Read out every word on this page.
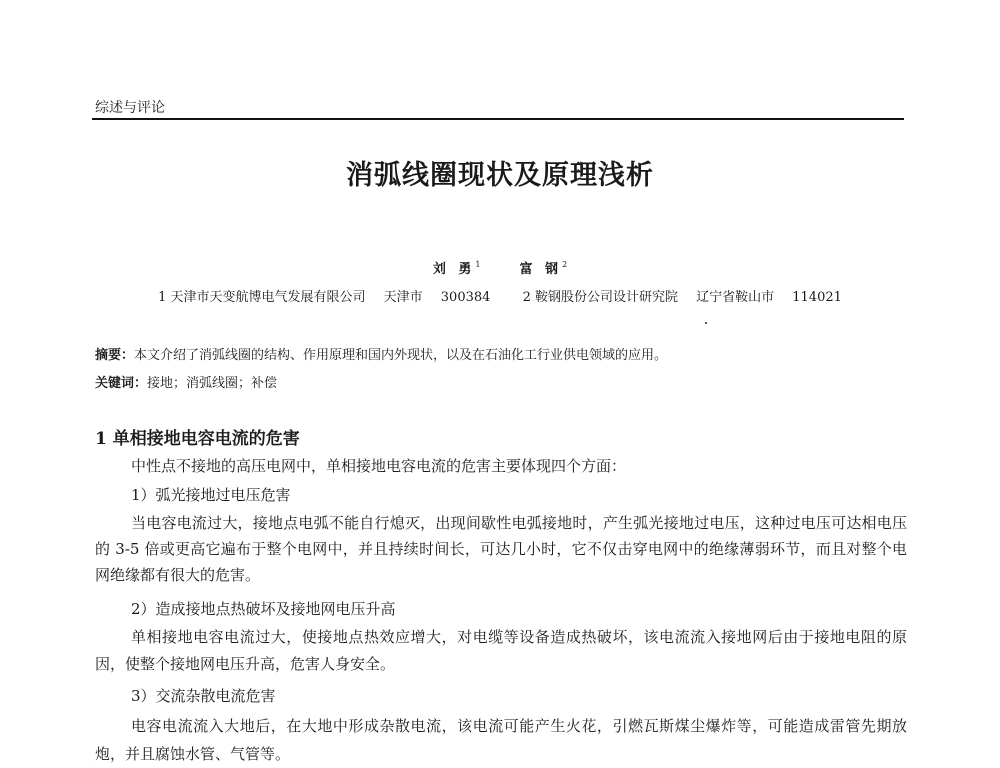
综述与评论
消弧线圈现状及原理浅析
刘 勇$^1$	富 钢$^2$
1 天津市天变航博电气发展有限公司 天津市 300384 2 鞍钢股份公司设计研究院 辽宁省鞍山市 114021
摘要：本文介绍了消弧线圈的结构、作用原理和国内外现状，以及在石油化工行业供电领域的应用。
关键词：接地；消弧线圈；补偿
1 单相接地电容电流的危害

中性点不接地的高压电网中，单相接地电容电流的危害主要体现四个方面：

1）弧光接地过电压危害

当电容电流过大，接地点电弧不能自行熄灭，出现间歇性电弧接地时，产生弧光接地过电压，这种过电压可达相电压的 3-5 倍或更高它遍布于整个电网中，并且持续时间长，可达几小时，它不仅击穿电网中的绝缘薄弱环节，而且对整个电网绝缘都有很大的危害。

2）造成接地点热破坏及接地网电压升高

单相接地电容电流过大，使接地点热效应增大，对电缆等设备造成热破坏，该电流流入接地网后由于接地电阻的原因，使整个接地网电压升高，危害人身安全。

3）交流杂散电流危害

电容电流流入大地后，在大地中形成杂散电流，该电流可能产生火花，引燃瓦斯煤尘爆炸等，可能造成雷管先期放炮，并且腐蚀水管、气管等。
